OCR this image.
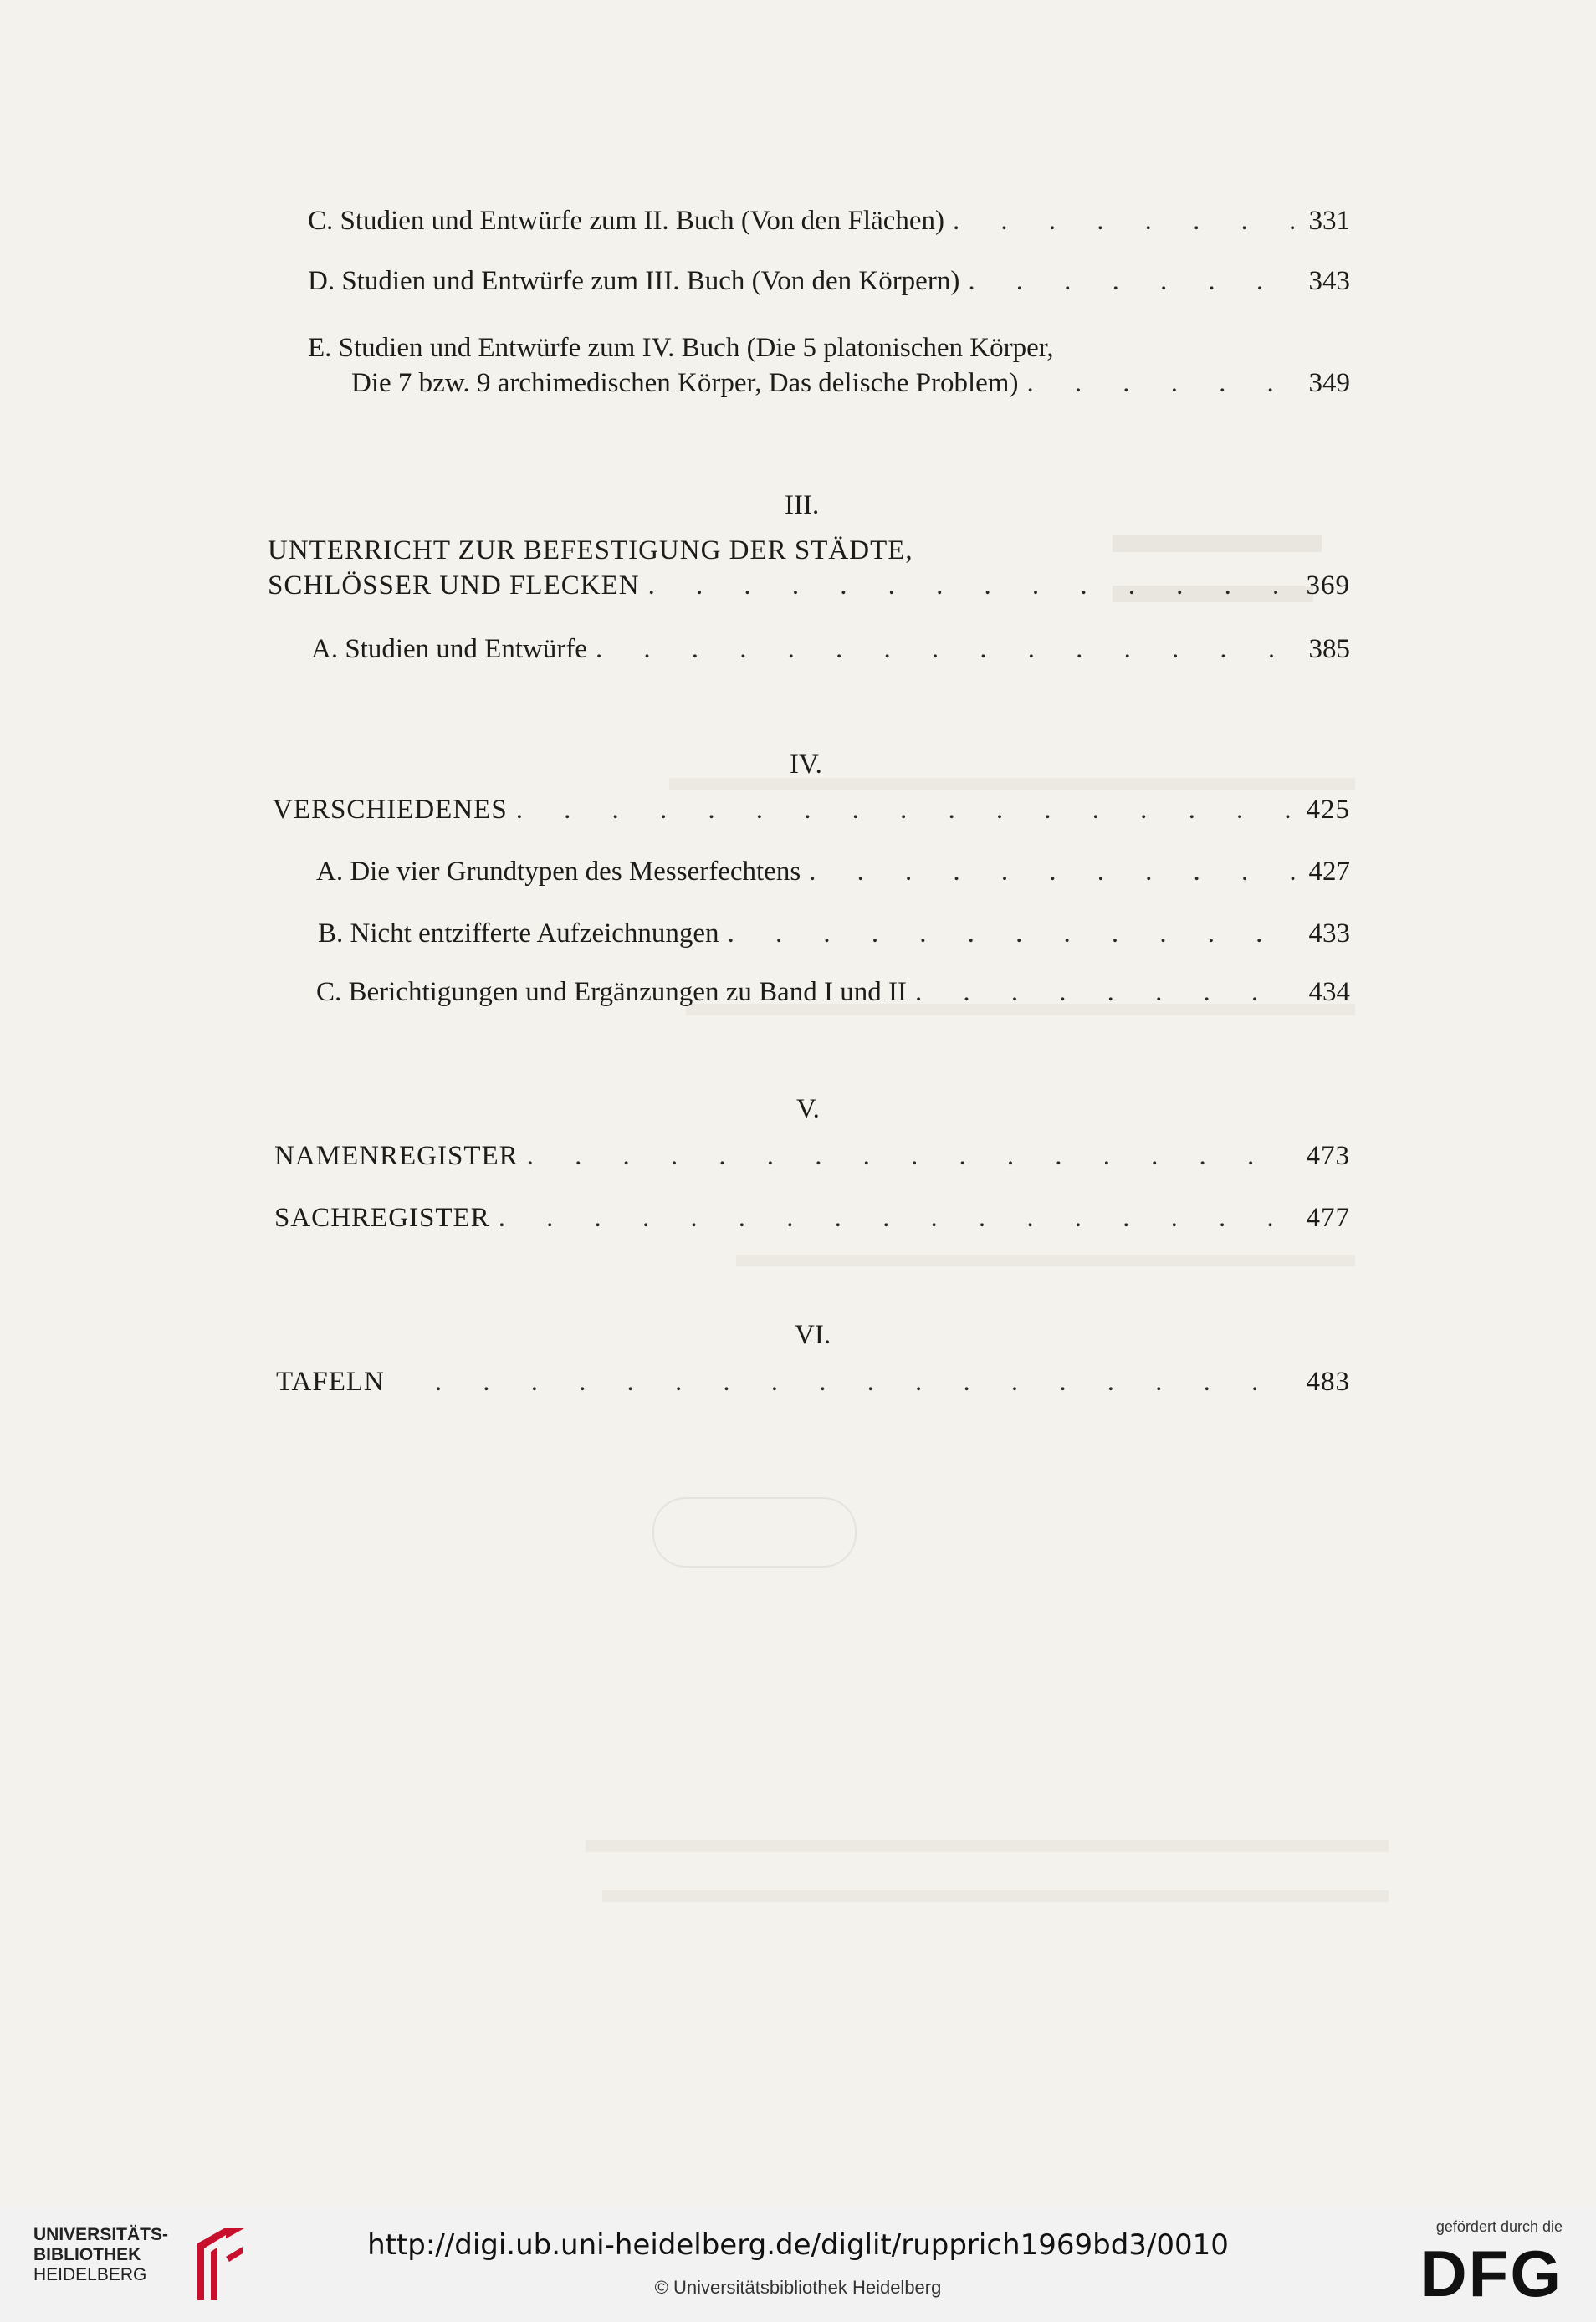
C. Studien und Entwürfe zum II. Buch (Von den Flächen) . . .	331
D. Studien und Entwürfe zum III. Buch (Von den Körpern) . . .	343
E. Studien und Entwürfe zum IV. Buch (Die 5 platonischen Körper,
Die 7 bzw. 9 archimedischen Körper, Das delische Problem) . . .	349
III.
UNTERRICHT ZUR BEFESTIGUNG DER STÄDTE,
SCHLÖSSER UND FLECKEN . . .	369
A. Studien und Entwürfe . . .	385
IV.
VERSCHIEDENES . . .	425
A. Die vier Grundtypen des Messerfechtens . . .	427
B. Nicht entzifferte Aufzeichnungen . . .	433
C. Berichtigungen und Ergänzungen zu Band I und II . . .	434
V.
NAMENREGISTER . . .	473
SACHREGISTER . . .	477
VI.
TAFELN . . .	483
UNIVERSITÄTS-
BIBLIOTHEK
HEIDELBERG
http://digi.ub.uni-heidelberg.de/diglit/rupprich1969bd3/0010
© Universitätsbibliothek Heidelberg
gefördert durch die
DFG
